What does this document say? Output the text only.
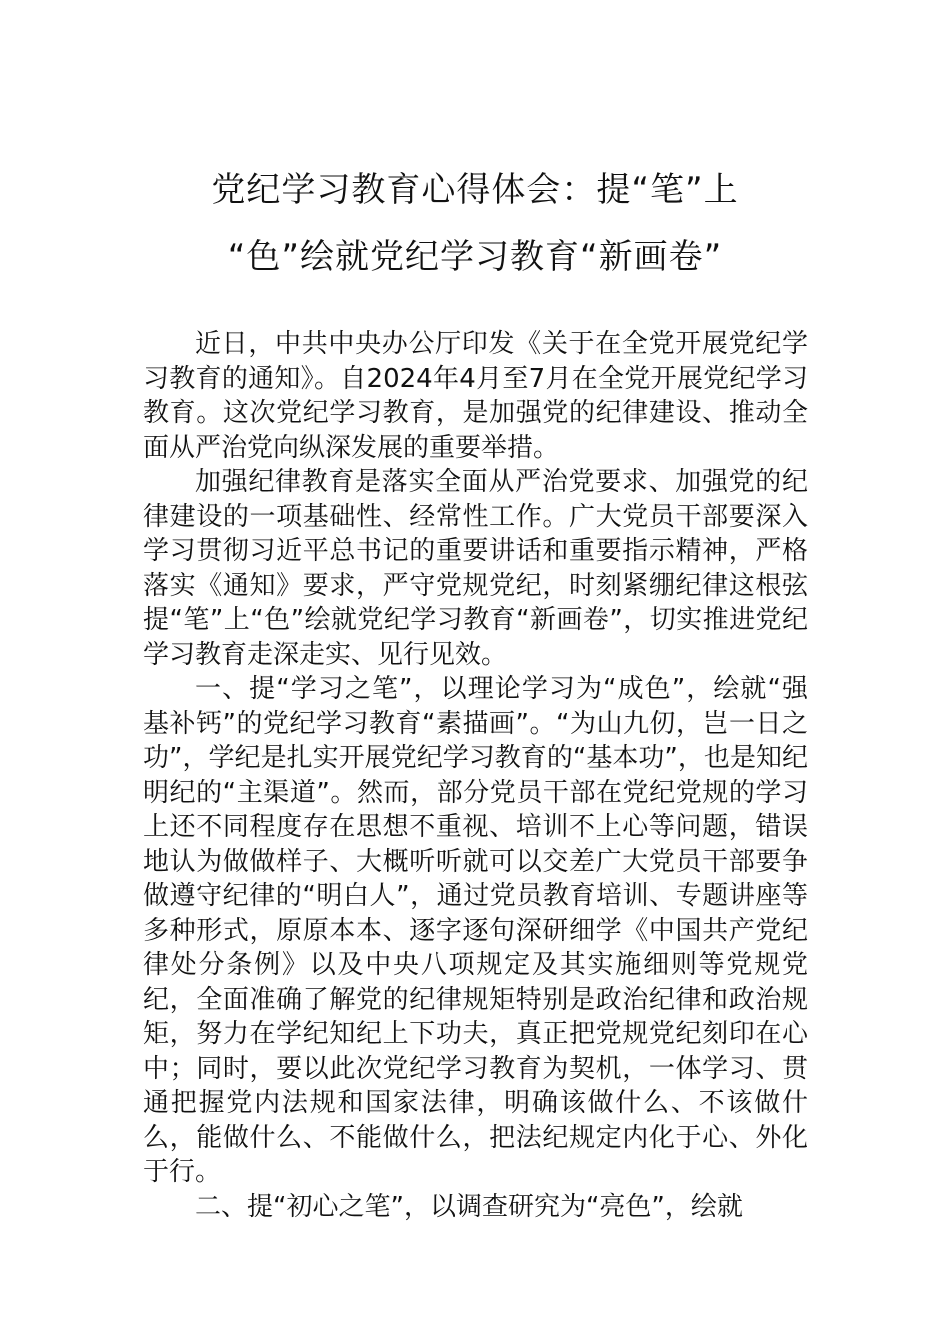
党纪学习教育心得体会：提“笔”上
“色”绘就党纪学习教育“新画卷”

近日，中共中央办公厅印发《关于在全党开展党纪学习教育的通知》。自2024年4月至7月在全党开展党纪学习教育。这次党纪学习教育，是加强党的纪律建设、推动全面从严治党向纵深发展的重要举措。

加强纪律教育是落实全面从严治党要求、加强党的纪律建设的一项基础性、经常性工作。广大党员干部要深入学习贯彻习近平总书记的重要讲话和重要指示精神，严格落实《通知》要求，严守党规党纪，时刻紧绷纪律这根弦提“笔”上“色”绘就党纪学习教育“新画卷”，切实推进党纪学习教育走深走实、见行见效。

一、提“学习之笔”，以理论学习为“成色”，绘就“强基补钙”的党纪学习教育“素描画”。“为山九仞，岂一日之功”，学纪是扎实开展党纪学习教育的“基本功”，也是知纪明纪的“主渠道”。然而，部分党员干部在党纪党规的学习上还不同程度存在思想不重视、培训不上心等问题，错误地认为做做样子、大概听听就可以交差广大党员干部要争做遵守纪律的“明白人”，通过党员教育培训、专题讲座等多种形式，原原本本、逐字逐句深研细学《中国共产党纪律处分条例》以及中央八项规定及其实施细则等党规党纪，全面准确了解党的纪律规矩特别是政治纪律和政治规矩，努力在学纪知纪上下功夫，真正把党规党纪刻印在心中；同时，要以此次党纪学习教育为契机，一体学习、贯通把握党内法规和国家法律，明确该做什么、不该做什么，能做什么、不能做什么，把法纪规定内化于心、外化于行。

二、提“初心之笔”，以调查研究为“亮色”，绘就
